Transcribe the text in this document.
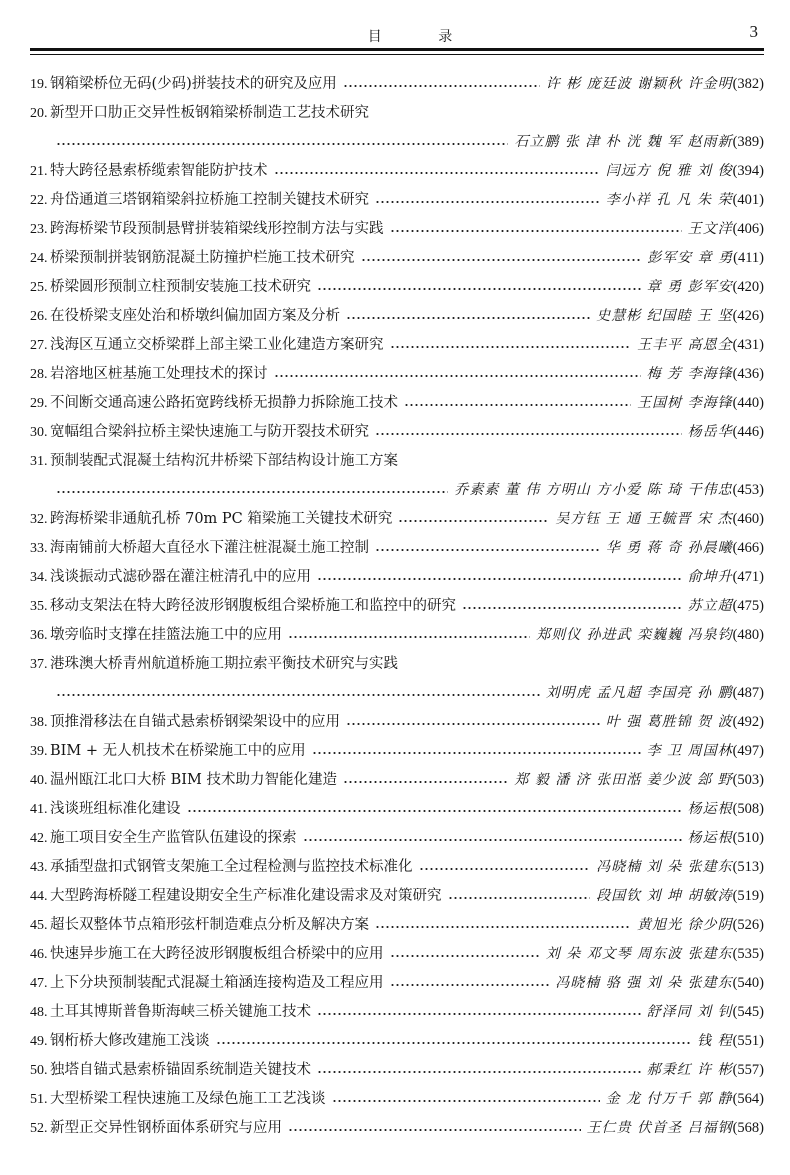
目 录	3
19. 钢箱梁桥位无码(少码)拼装技术的研究及应用	许 彬 庞廷波 谢颖秋 许金明 (382)
20. 新型开口肋正交异性板钢箱梁桥制造工艺技术研究
石立鹏 张 津 朴 洸 魏 军 赵雨新 (389)
21. 特大跨径悬索桥缆索智能防护技术	闫远方 倪 雅 刘 俊 (394)
22. 舟岱通道三塔钢箱梁斜拉桥施工控制关键技术研究	李小祥 孔 凡 朱 荣 (401)
23. 跨海桥梁节段预制悬臂拼装箱梁线形控制方法与实践	王文洋 (406)
24. 桥梁预制拼装钢筋混凝土防撞护栏施工技术研究	彭军安 章 勇 (411)
25. 桥梁圆形预制立柱预制安装施工技术研究	章 勇 彭军安 (420)
26. 在役桥梁支座处治和桥墩纠偏加固方案及分析	史慧彬 纪国睦 王 坚 (426)
27. 浅海区互通立交桥梁群上部主梁工业化建造方案研究	王丰平 高恩全 (431)
28. 岩溶地区桩基施工处理技术的探讨	梅 芳 李海锋 (436)
29. 不间断交通高速公路拓宽跨线桥无损静力拆除施工技术	王国树 李海锋 (440)
30. 宽幅组合梁斜拉桥主梁快速施工与防开裂技术研究	杨岳华 (446)
31. 预制装配式混凝土结构沉井桥梁下部结构设计施工方案
乔素素 董 伟 方明山 方小爱 陈 琦 干伟忠 (453)
32. 跨海桥梁非通航孔桥 70m PC 箱梁施工关键技术研究	吴方钰 王 通 王毓晋 宋 杰 (460)
33. 海南铺前大桥超大直径水下灌注桩混凝土施工控制	华 勇 蒋 奇 孙晨曦 (466)
34. 浅谈振动式滤砂器在灌注桩清孔中的应用	俞坤升 (471)
35. 移动支架法在特大跨径波形钢腹板组合梁桥施工和监控中的研究	苏立超 (475)
36. 墩旁临时支撑在挂篮法施工中的应用	郑则仪 孙进武 栾巍巍 冯泉钧 (480)
37. 港珠澳大桥青州航道桥施工期拉索平衡技术研究与实践
刘明虎 孟凡超 李国亮 孙 鹏 (487)
38. 顶推滑移法在自锚式悬索桥钢梁架设中的应用	叶 强 葛胜锦 贺 波 (492)
39. BIM + 无人机技术在桥梁施工中的应用	李 卫 周国林 (497)
40. 温州瓯江北口大桥 BIM 技术助力智能化建造	郑 毅 潘 济 张田湉 姜少波 郐 野 (503)
41. 浅谈班组标准化建设	杨运根 (508)
42. 施工项目安全生产监管队伍建设的探索	杨运根 (510)
43. 承插型盘扣式钢管支架施工全过程检测与监控技术标准化	冯晓楠 刘 朵 张建东 (513)
44. 大型跨海桥隧工程建设期安全生产标准化建设需求及对策研究	段国钦 刘 坤 胡敏涛 (519)
45. 超长双整体节点箱形弦杆制造难点分析及解决方案	黄旭光 徐少阴 (526)
46. 快速异步施工在大跨径波形钢腹板组合桥梁中的应用	刘 朵 邓文琴 周东波 张建东 (535)
47. 上下分块预制装配式混凝土箱涵连接构造及工程应用	冯晓楠 骆 强 刘 朵 张建东 (540)
48. 土耳其博斯普鲁斯海峡三桥关键施工技术	舒泽同 刘 钊 (545)
49. 钢桁桥大修改建施工浅谈	钱 程 (551)
50. 独塔自锚式悬索桥锚固系统制造关键技术	郝秉红 许 彬 (557)
51. 大型桥梁工程快速施工及绿色施工工艺浅谈	金 龙 付万千 郭 静 (564)
52. 新型正交异性钢桥面体系研究与应用	王仁贵 伏首圣 吕福钢 (568)
